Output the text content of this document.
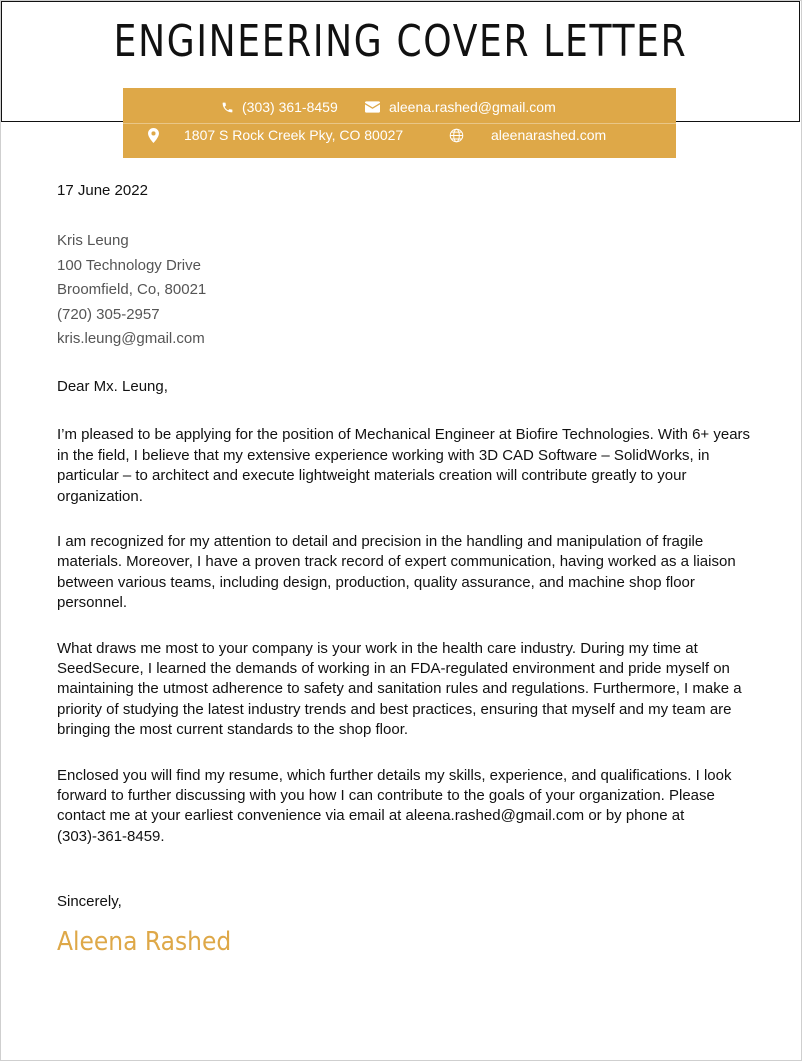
ENGINEERING COVER LETTER
(303) 361-8459	aleena.rashed@gmail.com
1807 S Rock Creek Pky, CO 80027	aleenarashed.com
17 June 2022
Kris Leung
100 Technology Drive
Broomfield, Co, 80021
(720) 305-2957
kris.leung@gmail.com
Dear Mx. Leung,

I’m pleased to be applying for the position of Mechanical Engineer at Biofire Technologies. With 6+ years in the field, I believe that my extensive experience working with 3D CAD Software – SolidWorks, in particular – to architect and execute lightweight materials creation will contribute greatly to your organization.

I am recognized for my attention to detail and precision in the handling and manipulation of fragile materials. Moreover, I have a proven track record of expert communication, having worked as a liaison between various teams, including design, production, quality assurance, and machine shop floor personnel.

What draws me most to your company is your work in the health care industry. During my time at SeedSecure, I learned the demands of working in an FDA-regulated environment and pride myself on maintaining the utmost adherence to safety and sanitation rules and regulations. Furthermore, I make a priority of studying the latest industry trends and best practices, ensuring that myself and my team are bringing the most current standards to the shop floor.

Enclosed you will find my resume, which further details my skills, experience, and qualifications. I look forward to further discussing with you how I can contribute to the goals of your organization. Please contact me at your earliest convenience via email at aleena.rashed@gmail.com or by phone at (303)-361-8459.

Sincerely,
Aleena Rashed
